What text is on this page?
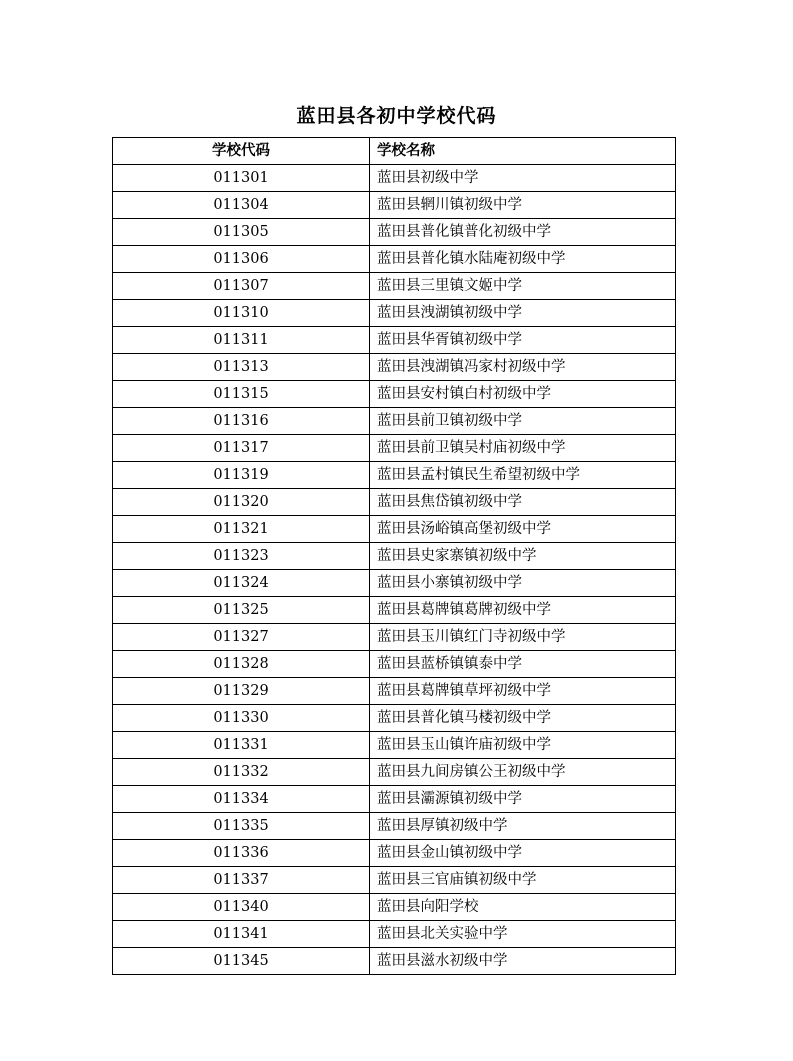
蓝田县各初中学校代码
学校代码	学校名称
011301	蓝田县初级中学
011304	蓝田县辋川镇初级中学
011305	蓝田县普化镇普化初级中学
011306	蓝田县普化镇水陆庵初级中学
011307	蓝田县三里镇文姬中学
011310	蓝田县洩湖镇初级中学
011311	蓝田县华胥镇初级中学
011313	蓝田县洩湖镇冯家村初级中学
011315	蓝田县安村镇白村初级中学
011316	蓝田县前卫镇初级中学
011317	蓝田县前卫镇吴村庙初级中学
011319	蓝田县孟村镇民生希望初级中学
011320	蓝田县焦岱镇初级中学
011321	蓝田县汤峪镇高堡初级中学
011323	蓝田县史家寨镇初级中学
011324	蓝田县小寨镇初级中学
011325	蓝田县葛牌镇葛牌初级中学
011327	蓝田县玉川镇红门寺初级中学
011328	蓝田县蓝桥镇镇泰中学
011329	蓝田县葛牌镇草坪初级中学
011330	蓝田县普化镇马楼初级中学
011331	蓝田县玉山镇许庙初级中学
011332	蓝田县九间房镇公王初级中学
011334	蓝田县灞源镇初级中学
011335	蓝田县厚镇初级中学
011336	蓝田县金山镇初级中学
011337	蓝田县三官庙镇初级中学
011340	蓝田县向阳学校
011341	蓝田县北关实验中学
011345	蓝田县滋水初级中学
